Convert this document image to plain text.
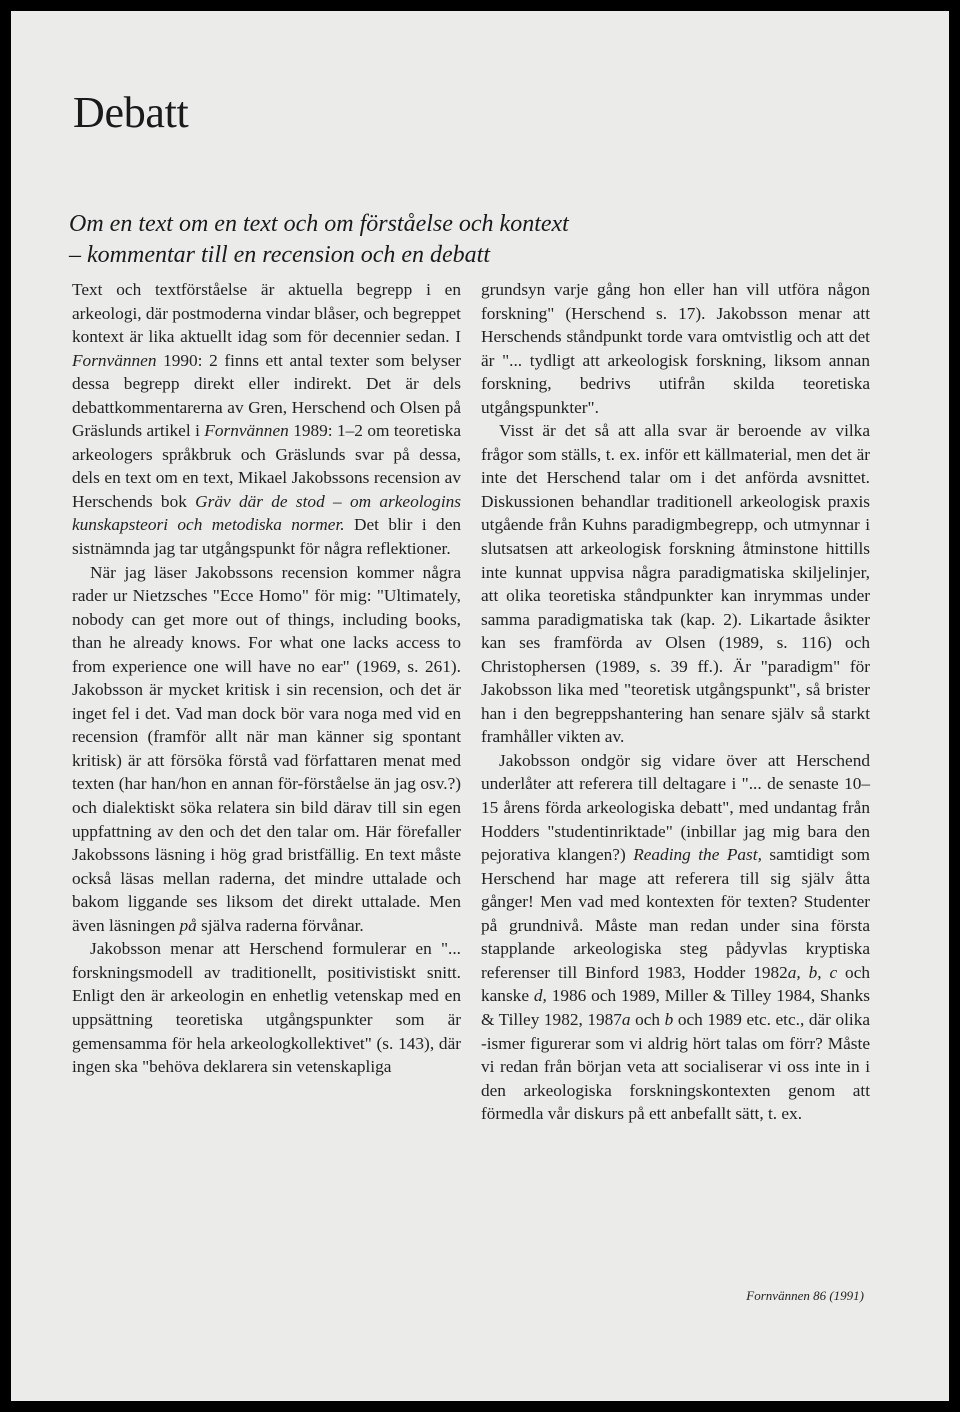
Debatt
Om en text om en text och om förståelse och kontext
– kommentar till en recension och en debatt

Text och textförståelse är aktuella begrepp i en arkeologi, där postmoderna vindar blåser, och begreppet kontext är lika aktuellt idag som för decennier sedan. I Fornvännen 1990: 2 finns ett antal texter som belyser dessa begrepp direkt eller indirekt. Det är dels debattkommentarerna av Gren, Herschend och Olsen på Gräslunds artikel i Fornvännen 1989: 1–2 om teoretiska arkeologers språkbruk och Gräslunds svar på dessa, dels en text om en text, Mikael Jakobssons recension av Herschends bok Gräv där de stod – om arkeologins kunskapsteori och metodiska normer. Det blir i den sistnämnda jag tar utgångspunkt för några reflektioner.

När jag läser Jakobssons recension kommer några rader ur Nietzsches "Ecce Homo" för mig: "Ultimately, nobody can get more out of things, including books, than he already knows. For what one lacks access to from experience one will have no ear" (1969, s. 261). Jakobsson är mycket kritisk i sin recension, och det är inget fel i det. Vad man dock bör vara noga med vid en recension (framför allt när man känner sig spontant kritisk) är att försöka förstå vad författaren menat med texten (har han/hon en annan för-förståelse än jag osv.?) och dialektiskt söka relatera sin bild därav till sin egen uppfattning av den och det den talar om. Här förefaller Jakobssons läsning i hög grad bristfällig. En text måste också läsas mellan raderna, det mindre uttalade och bakom liggande ses liksom det direkt uttalade. Men även läsningen på själva raderna förvånar.

Jakobsson menar att Herschend formulerar en "... forskningsmodell av traditionellt, positivistiskt snitt. Enligt den är arkeologin en enhetlig vetenskap med en uppsättning teoretiska utgångspunkter som är gemensamma för hela arkeologkollektivet" (s. 143), där ingen ska "behöva deklarera sin vetenskapliga

grundsyn varje gång hon eller han vill utföra någon forskning" (Herschend s. 17). Jakobsson menar att Herschends ståndpunkt torde vara omtvistlig och att det är "... tydligt att arkeologisk forskning, liksom annan forskning, bedrivs utifrån skilda teoretiska utgångspunkter".

Visst är det så att alla svar är beroende av vilka frågor som ställs, t. ex. inför ett källmaterial, men det är inte det Herschend talar om i det anförda avsnittet. Diskussionen behandlar traditionell arkeologisk praxis utgående från Kuhns paradigmbegrepp, och utmynnar i slutsatsen att arkeologisk forskning åtminstone hittills inte kunnat uppvisa några paradigmatiska skiljelinjer, att olika teoretiska ståndpunkter kan inrymmas under samma paradigmatiska tak (kap. 2). Likartade åsikter kan ses framförda av Olsen (1989, s. 116) och Christophersen (1989, s. 39 ff.). Är "paradigm" för Jakobsson lika med "teoretisk utgångspunkt", så brister han i den begreppshantering han senare själv så starkt framhåller vikten av.

Jakobsson ondgör sig vidare över att Herschend underlåter att referera till deltagare i "... de senaste 10–15 årens förda arkeologiska debatt", med undantag från Hodders "studentinriktade" (inbillar jag mig bara den pejorativa klangen?) Reading the Past, samtidigt som Herschend har mage att referera till sig själv åtta gånger! Men vad med kontexten för texten? Studenter på grundnivå. Måste man redan under sina första stapplande arkeologiska steg pådyvlas kryptiska referenser till Binford 1983, Hodder 1982a, b, c och kanske d, 1986 och 1989, Miller & Tilley 1984, Shanks & Tilley 1982, 1987a och b och 1989 etc. etc., där olika -ismer figurerar som vi aldrig hört talas om förr? Måste vi redan från början veta att socialiserar vi oss inte in i den arkeologiska forskningskontexten genom att förmedla vår diskurs på ett anbefallt sätt, t. ex.

Fornvännen 86 (1991)
